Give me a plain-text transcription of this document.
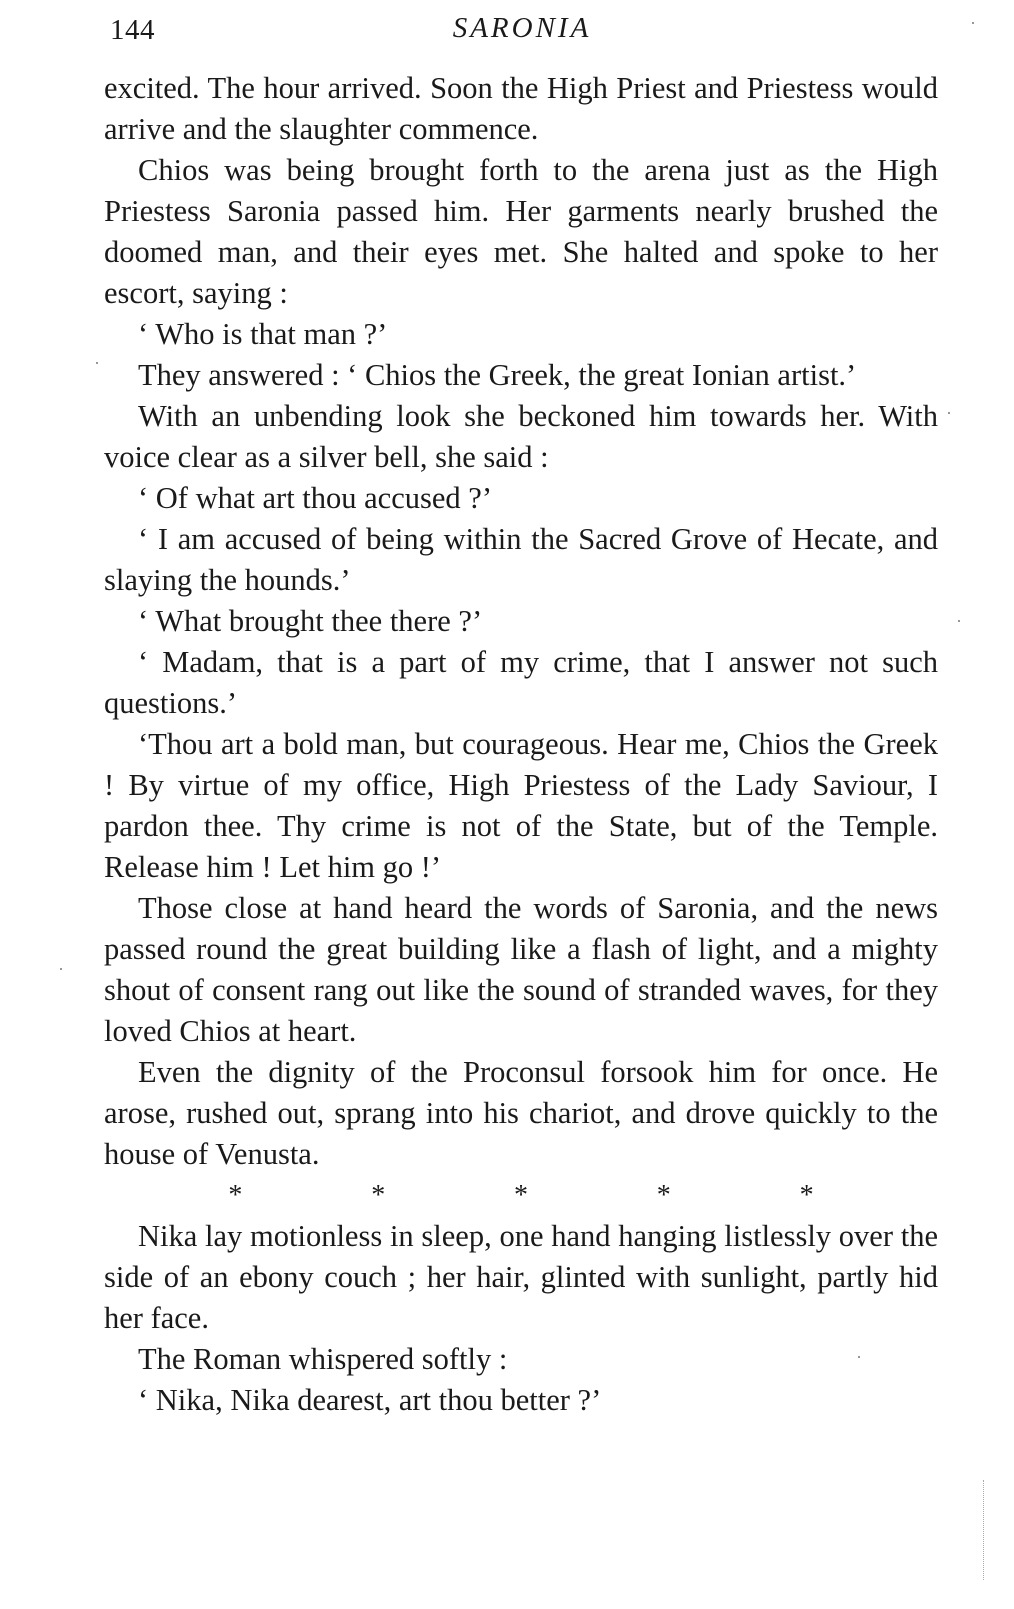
144	SARONIA

excited. The hour arrived. Soon the High Priest and Priestess would arrive and the slaughter commence.

Chios was being brought forth to the arena just as the High Priestess Saronia passed him. Her garments nearly brushed the doomed man, and their eyes met. She halted and spoke to her escort, saying :

‘ Who is that man ?’

They answered : ‘ Chios the Greek, the great Ionian artist.’

With an unbending look she beckoned him towards her. With voice clear as a silver bell, she said :

‘ Of what art thou accused ?’

‘ I am accused of being within the Sacred Grove of Hecate, and slaying the hounds.’

‘ What brought thee there ?’

‘ Madam, that is a part of my crime, that I answer not such questions.’

‘Thou art a bold man, but courageous. Hear me, Chios the Greek ! By virtue of my office, High Priestess of the Lady Saviour, I pardon thee. Thy crime is not of the State, but of the Temple. Release him ! Let him go !’

Those close at hand heard the words of Saronia, and the news passed round the great building like a flash of light, and a mighty shout of consent rang out like the sound of stranded waves, for they loved Chios at heart.

Even the dignity of the Proconsul forsook him for once. He arose, rushed out, sprang into his chariot, and drove quickly to the house of Venusta.

*	*	*	*	*

Nika lay motionless in sleep, one hand hanging listlessly over the side of an ebony couch ; her hair, glinted with sunlight, partly hid her face.

The Roman whispered softly :

‘ Nika, Nika dearest, art thou better ?’
